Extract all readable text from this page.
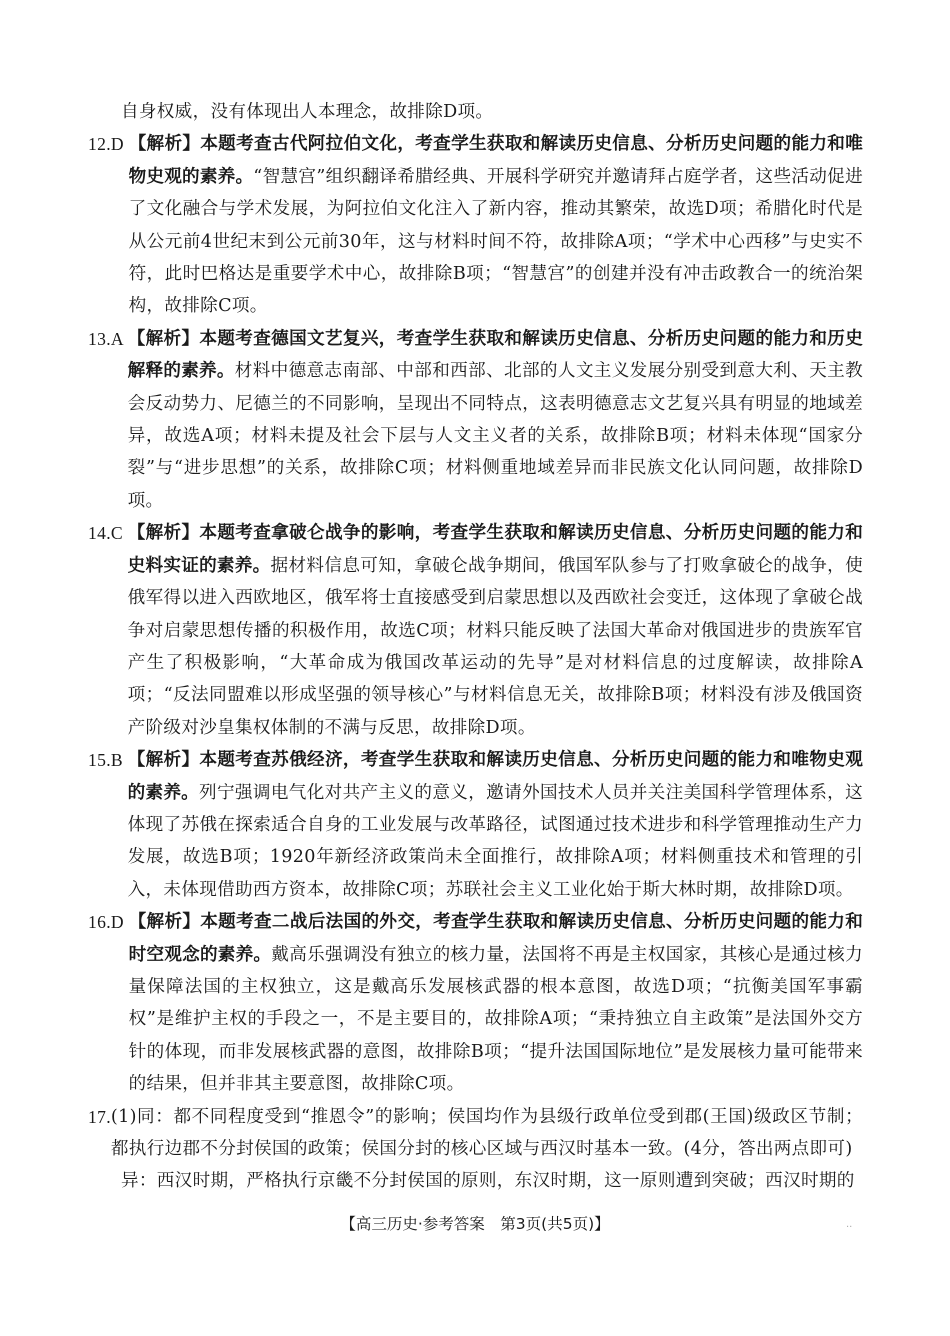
自身权威，没有体现出人本理念，故排除D项。
12.D 【解析】本题考查古代阿拉伯文化，考查学生获取和解读历史信息、分析历史问题的能力和唯物史观的素养。“智慧宫”组织翻译希腊经典、开展科学研究并邀请拜占庭学者，这些活动促进了文化融合与学术发展，为阿拉伯文化注入了新内容，推动其繁荣，故选D项；希腊化时代是从公元前4世纪末到公元前30年，这与材料时间不符，故排除A项；“学术中心西移”与史实不符，此时巴格达是重要学术中心，故排除B项；“智慧宫”的创建并没有冲击政教合一的统治架构，故排除C项。
13.A 【解析】本题考查德国文艺复兴，考查学生获取和解读历史信息、分析历史问题的能力和历史解释的素养。材料中德意志南部、中部和西部、北部的人文主义发展分别受到意大利、天主教会反动势力、尼德兰的不同影响，呈现出不同特点，这表明德意志文艺复兴具有明显的地域差异，故选A项；材料未提及社会下层与人文主义者的关系，故排除B项；材料未体现“国家分裂”与“进步思想”的关系，故排除C项；材料侧重地域差异而非民族文化认同问题，故排除D项。
14.C 【解析】本题考查拿破仑战争的影响，考查学生获取和解读历史信息、分析历史问题的能力和史料实证的素养。据材料信息可知，拿破仑战争期间，俄国军队参与了打败拿破仑的战争，使俄军得以进入西欧地区，俄军将士直接感受到启蒙思想以及西欧社会变迁，这体现了拿破仑战争对启蒙思想传播的积极作用，故选C项；材料只能反映了法国大革命对俄国进步的贵族军官产生了积极影响，“大革命成为俄国改革运动的先导”是对材料信息的过度解读，故排除A项；“反法同盟难以形成坚强的领导核心”与材料信息无关，故排除B项；材料没有涉及俄国资产阶级对沙皇集权体制的不满与反思，故排除D项。
15.B 【解析】本题考查苏俄经济，考查学生获取和解读历史信息、分析历史问题的能力和唯物史观的素养。列宁强调电气化对共产主义的意义，邀请外国技术人员并关注美国科学管理体系，这体现了苏俄在探索适合自身的工业发展与改革路径，试图通过技术进步和科学管理推动生产力发展，故选B项；1920年新经济政策尚未全面推行，故排除A项；材料侧重技术和管理的引入，未体现借助西方资本，故排除C项；苏联社会主义工业化始于斯大林时期，故排除D项。
16.D 【解析】本题考查二战后法国的外交，考查学生获取和解读历史信息、分析历史问题的能力和时空观念的素养。戴高乐强调没有独立的核力量，法国将不再是主权国家，其核心是通过核力量保障法国的主权独立，这是戴高乐发展核武器的根本意图，故选D项；“抗衡美国军事霸权”是维护主权的手段之一，不是主要目的，故排除A项；“秉持独立自主政策”是法国外交方针的体现，而非发展核武器的意图，故排除B项；“提升法国国际地位”是发展核力量可能带来的结果，但并非其主要意图，故排除C项。
17. (1)同：都不同程度受到“推恩令”的影响；侯国均作为县级行政单位受到郡(王国)级政区节制；都执行边郡不分封侯国的政策；侯国分封的核心区域与西汉时基本一致。(4分，答出两点即可)
异：西汉时期，严格执行京畿不分封侯国的原则，东汉时期，这一原则遭到突破；西汉时期的
【高三历史·参考答案　第3页(共5页)】	..
